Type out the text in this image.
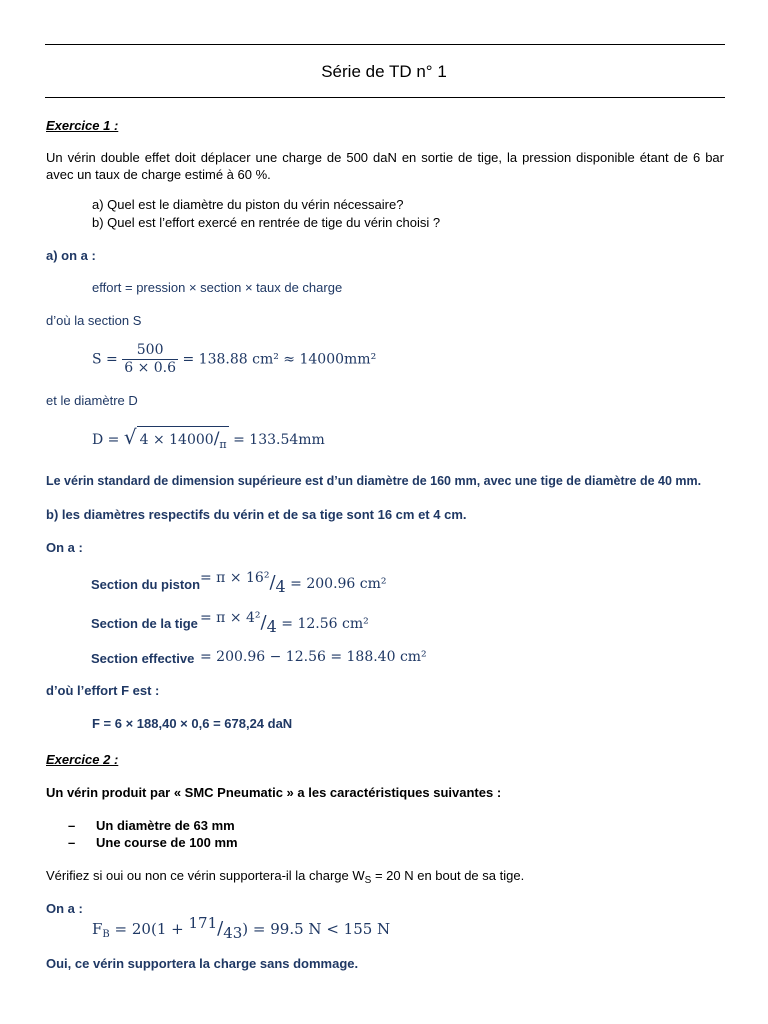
Série de TD n° 1
Exercice 1 :
Un vérin double effet doit déplacer une charge de 500 daN en sortie de tige, la pression disponible étant de 6 bar avec un taux de charge estimé à 60 %.
a) Quel est le diamètre du piston du vérin nécessaire?
b) Quel est l’effort exercé en rentrée de tige du vérin choisi ?
a) on a :
effort = pression × section × taux de charge
d’où la section S
$S = \frac{500}{6 \times 0.6} = 138.88$ cm² ≈ 14000mm²
et le diamètre D
D = √ $4 \times 14000/_\pi = 133.54mm$
Le vérin standard de dimension supérieure est d’un diamètre de 160 mm, avec une tige de diamètre de 40 mm.
b) les diamètres respectifs du vérin et de sa tige sont 16 cm et 4 cm.
On a :
Section du piston = π × 16²/4 = 200.96 cm²
Section de la tige = π × 4²/4 = 12.56 cm²
Section effective = 200.96 − 12.56 = 188.40 cm²
d’où l’effort F est :
F = 6 × 188,40 × 0,6 = 678,24 daN
Exercice 2 :
Un vérin produit par « SMC Pneumatic » a les caractéristiques suivantes :
– Un diamètre de 63 mm
– Une course de 100 mm
Vérifiez si oui ou non ce vérin supportera-il la charge $W_S = 20$ N en bout de sa tige.
On a :
$F_B = 20(1 + 171/43) = 99.5$ N < 155 N
Oui, ce vérin supportera la charge sans dommage.
